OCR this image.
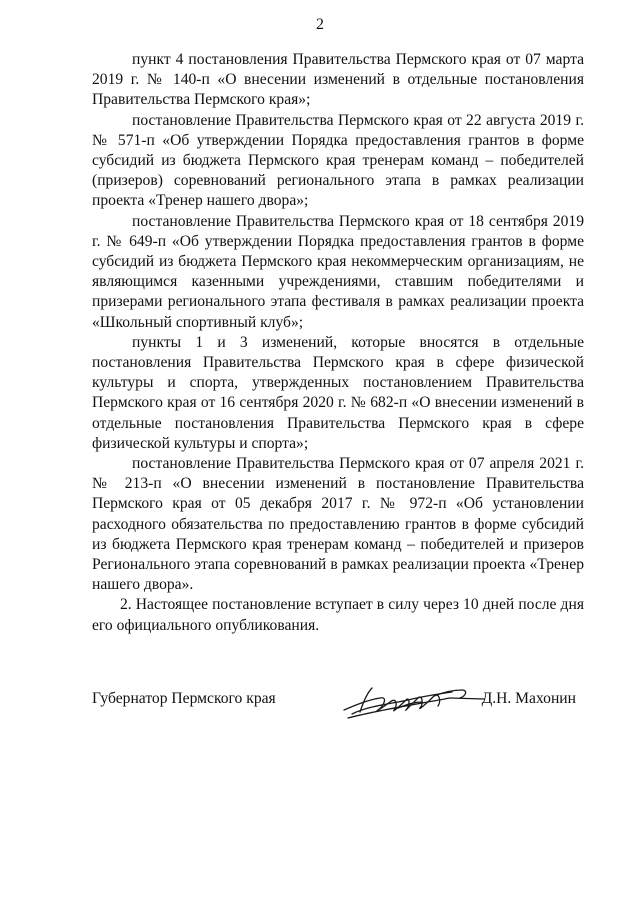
2

пункт 4 постановления Правительства Пермского края от 07 марта 2019 г. № 140-п «О внесении изменений в отдельные постановления Правительства Пермского края»;

постановление Правительства Пермского края от 22 августа 2019 г. № 571-п «Об утверждении Порядка предоставления грантов в форме субсидий из бюджета Пермского края тренерам команд – победителей (призеров) соревнований регионального этапа в рамках реализации проекта «Тренер нашего двора»;

постановление Правительства Пермского края от 18 сентября 2019 г. № 649-п «Об утверждении Порядка предоставления грантов в форме субсидий из бюджета Пермского края некоммерческим организациям, не являющимся казенными учреждениями, ставшим победителями и призерами регионального этапа фестиваля в рамках реализации проекта «Школьный спортивный клуб»;

пункты 1 и 3 изменений, которые вносятся в отдельные постановления Правительства Пермского края в сфере физической культуры и спорта, утвержденных постановлением Правительства Пермского края от 16 сентября 2020 г. № 682-п «О внесении изменений в отдельные постановления Правительства Пермского края в сфере физической культуры и спорта»;

постановление Правительства Пермского края от 07 апреля 2021 г. № 213-п «О внесении изменений в постановление Правительства Пермского края от 05 декабря 2017 г. № 972-п «Об установлении расходного обязательства по предоставлению грантов в форме субсидий из бюджета Пермского края тренерам команд – победителей и призеров Регионального этапа соревнований в рамках реализации проекта «Тренер нашего двора».

2. Настоящее постановление вступает в силу через 10 дней после дня его официального опубликования.

Губернатор Пермского края	Д.Н. Махонин
